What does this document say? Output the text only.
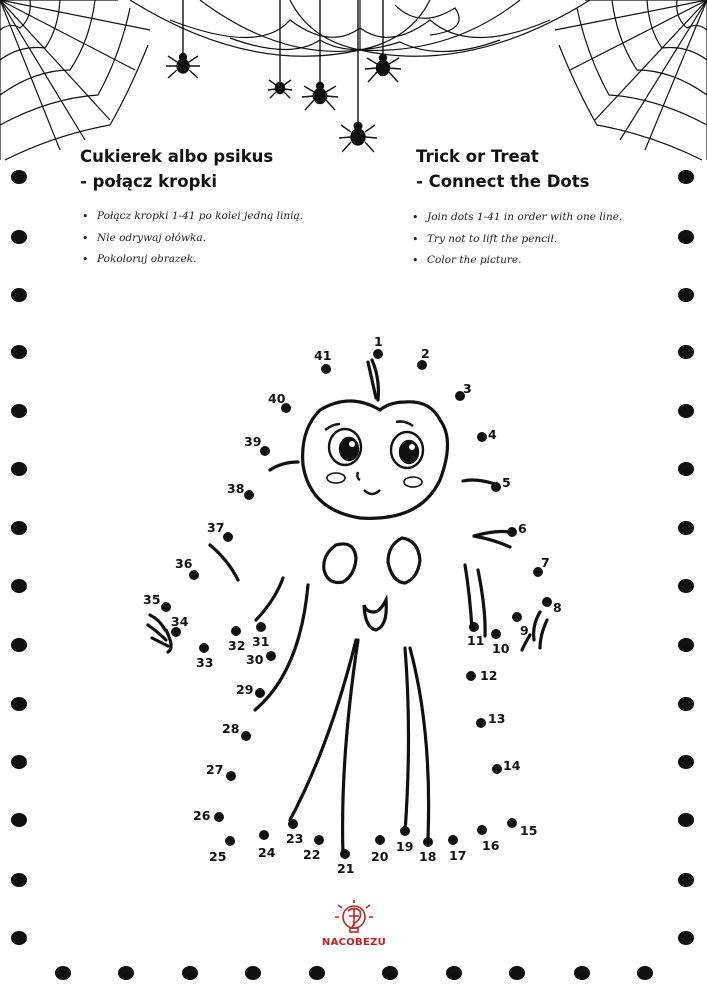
1
2
3
4
5
6
7
8
9
10
11
12
13
14
15
16
17
18
19
20
21
22
23
24
25
26
27
28
29
30
31
32
33
34
35
36
37
38
39
40
41
Cukierek albo psikus
- połącz kropki
Trick or Treat
- Connect the Dots
• Połącz kropki 1-41 po kolei jedną linią.
• Nie odrywaj ołówka.
• Pokoloruj obrazek.
• Join dots 1-41 in order with one line.
• Try not to lift the pencil.
• Color the picture.
NACOBEZU
